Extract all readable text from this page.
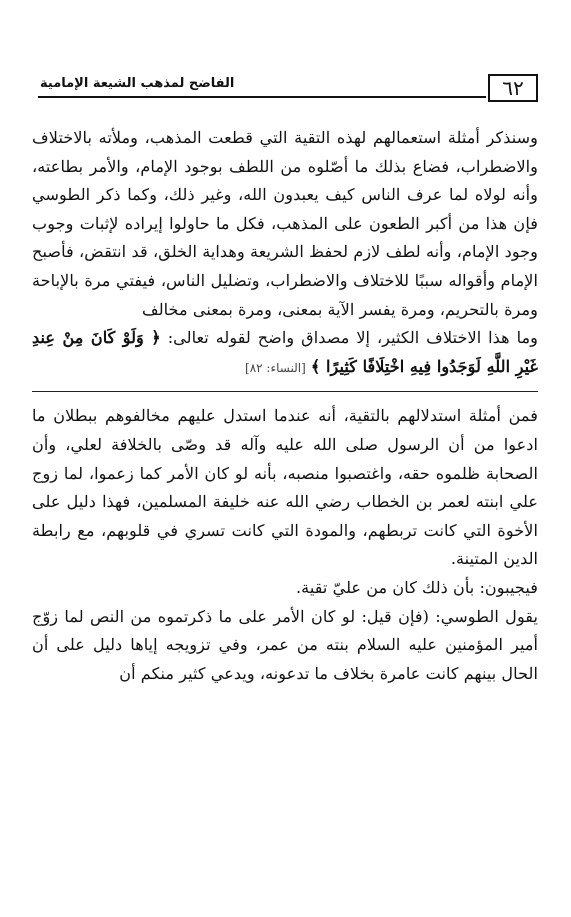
٦٢
الفاضح لمذهب الشيعة الإمامية

وسنذكر أمثلة استعمالهم لهذه التقية التي قطعت المذهب، وملأته بالاختلاف والاضطراب، فضاع بذلك ما أصّلوه من اللطف بوجود الإمام، والأمر بطاعته، وأنه لولاه لما عرف الناس كيف يعبدون الله، وغير ذلك، وكما ذكر الطوسي فإن هذا من أكبر الطعون على المذهب، فكل ما حاولوا إيراده لإثبات وجوب وجود الإمام، وأنه لطف لازم لحفظ الشريعة وهداية الخلق، قد انتقض، فأصبح الإمام وأقواله سببًا للاختلاف والاضطراب، وتضليل الناس، فيفتي مرة بالإباحة ومرة بالتحريم، ومرة يفسر الآية بمعنى، ومرة بمعنى مخالف

وما هذا الاختلاف الكثير، إلا مصداق واضح لقوله تعالى: ﴿ وَلَوْ كَانَ مِنْ عِندِ غَيْرِ اللَّهِ لَوَجَدُوا فِيهِ اخْتِلَافًا كَثِيرًا ﴾ [النساء: ٨٢]

فمن أمثلة استدلالهم بالتقية، أنه عندما استدل عليهم مخالفوهم ببطلان ما ادعوا من أن الرسول صلى الله عليه وآله قد وصّى بالخلافة لعلي، وأن الصحابة ظلموه حقه، واغتصبوا منصبه، بأنه لو كان الأمر كما زعموا، لما زوج علي ابنته لعمر بن الخطاب رضي الله عنه خليفة المسلمين، فهذا دليل على الأخوة التي كانت تربطهم، والمودة التي كانت تسري في قلوبهم، مع رابطة الدين المتينة.

فيجيبون: بأن ذلك كان من عليّ تقية.

يقول الطوسي: (فإن قيل: لو كان الأمر على ما ذكرتموه من النص لما زوّج أمير المؤمنين عليه السلام بنته من عمر، وفي تزويجه إياها دليل على أن الحال بينهم كانت عامرة بخلاف ما تدعونه، ويدعي كثير منكم أن
